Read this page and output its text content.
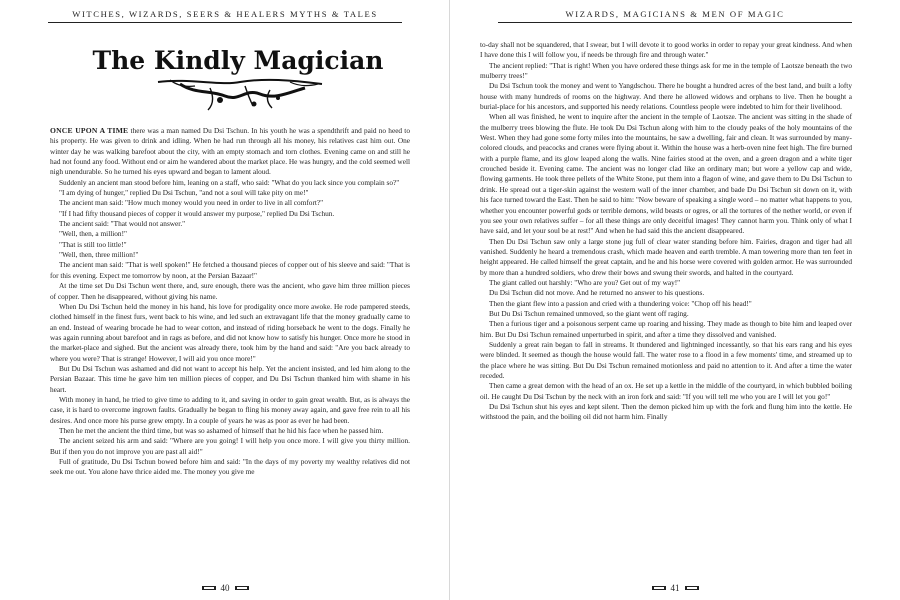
WITCHES, WIZARDS, SEERS & HEALERS MYTHS & TALES
The Kindly Magician

ONCE UPON A TIME there was a man named Du Dsi Tschun. In his youth he was a spendthrift and paid no heed to his property. He was given to drink and idling. When he had run through all his money, his relatives cast him out. One winter day he was walking barefoot about the city, with an empty stomach and torn clothes. Evening came on and still he had not found any food. Without end or aim he wandered about the market place. He was hungry, and the cold seemed well nigh unendurable. So he turned his eyes upward and began to lament aloud.

Suddenly an ancient man stood before him, leaning on a staff, who said: "What do you lack since you complain so?"

"I am dying of hunger," replied Du Dsi Tschun, "and not a soul will take pity on me!"

The ancient man said: "How much money would you need in order to live in all comfort?"

"If I had fifty thousand pieces of copper it would answer my purpose," replied Du Dsi Tschun.

The ancient said: "That would not answer."

"Well, then, a million!"

"That is still too little!"

"Well, then, three million!"

The ancient man said: "That is well spoken!" He fetched a thousand pieces of copper out of his sleeve and said: "That is for this evening. Expect me tomorrow by noon, at the Persian Bazaar!"

At the time set Du Dsi Tschun went there, and, sure enough, there was the ancient, who gave him three million pieces of copper. Then he disappeared, without giving his name.

When Du Dsi Tschun held the money in his hand, his love for prodigality once more awoke. He rode pampered steeds, clothed himself in the finest furs, went back to his wine, and led such an extravagant life that the money gradually came to an end. Instead of wearing brocade he had to wear cotton, and instead of riding horseback he went to the dogs. Finally he was again running about barefoot and in rags as before, and did not know how to satisfy his hunger. Once more he stood in the market-place and sighed. But the ancient was already there, took him by the hand and said: "Are you back already to where you were? That is strange! However, I will aid you once more!"

But Du Dsi Tschun was ashamed and did not want to accept his help. Yet the ancient insisted, and led him along to the Persian Bazaar. This time he gave him ten million pieces of copper, and Du Dsi Tschun thanked him with shame in his heart.

With money in hand, he tried to give time to adding to it, and saving in order to gain great wealth. But, as is always the case, it is hard to overcome ingrown faults. Gradually he began to fling his money away again, and gave free rein to all his desires. And once more his purse grew empty. In a couple of years he was as poor as ever he had been.

Then he met the ancient the third time, but was so ashamed of himself that he hid his face when he passed him.

The ancient seized his arm and said: "Where are you going! I will help you once more. I will give you thirty million. But if then you do not improve you are past all aid!"

Full of gratitude, Du Dsi Tschun bowed before him and said: "In the days of my poverty my wealthy relatives did not seek me out. You alone have thrice aided me. The money you give me

40
WIZARDS, MAGICIANS & MEN OF MAGIC

to-day shall not be squandered, that I swear, but I will devote it to good works in order to repay your great kindness. And when I have done this I will follow you, if needs be through fire and through water."

The ancient replied: "That is right! When you have ordered these things ask for me in the temple of Laotsze beneath the two mulberry trees!"

Du Dsi Tschun took the money and went to Yangdschou. There he bought a hundred acres of the best land, and built a lofty house with many hundreds of rooms on the highway. And there he allowed widows and orphans to live. Then he bought a burial-place for his ancestors, and supported his needy relations. Countless people were indebted to him for their livelihood.

When all was finished, he went to inquire after the ancient in the temple of Laotsze. The ancient was sitting in the shade of the mulberry trees blowing the flute. He took Du Dsi Tschun along with him to the cloudy peaks of the holy mountains of the West. When they had gone some forty miles into the mountains, he saw a dwelling, fair and clean. It was surrounded by many-colored clouds, and peacocks and cranes were flying about it. Within the house was a herb-oven nine feet high. The fire burned with a purple flame, and its glow leaped along the walls. Nine fairies stood at the oven, and a green dragon and a white tiger crouched beside it. Evening came. The ancient was no longer clad like an ordinary man; but wore a yellow cap and wide, flowing garments. He took three pellets of the White Stone, put them into a flagon of wine, and gave them to Du Dsi Tschun to drink. He spread out a tiger-skin against the western wall of the inner chamber, and bade Du Dsi Tschun sit down on it, with his face turned toward the East. Then he said to him: "Now beware of speaking a single word – no matter what happens to you, whether you encounter powerful gods or terrible demons, wild beasts or ogres, or all the tortures of the nether world, or even if you see your own relatives suffer – for all these things are only deceitful images! They cannot harm you. Think only of what I have said, and let your soul be at rest!" And when he had said this the ancient disappeared.

Then Du Dsi Tschun saw only a large stone jug full of clear water standing before him. Fairies, dragon and tiger had all vanished. Suddenly he heard a tremendous crash, which made heaven and earth tremble. A man towering more than ten feet in height appeared. He called himself the great captain, and he and his horse were covered with golden armor. He was surrounded by more than a hundred soldiers, who drew their bows and swung their swords, and halted in the courtyard.

The giant called out harshly: "Who are you? Get out of my way!"

Du Dsi Tschun did not move. And he returned no answer to his questions.

Then the giant flew into a passion and cried with a thundering voice: "Chop off his head!"

But Du Dsi Tschun remained unmoved, so the giant went off raging.

Then a furious tiger and a poisonous serpent came up roaring and hissing. They made as though to bite him and leaped over him. But Du Dsi Tschun remained unperturbed in spirit, and after a time they dissolved and vanished.

Suddenly a great rain began to fall in streams. It thundered and lightninged incessantly, so that his ears rang and his eyes were blinded. It seemed as though the house would fall. The water rose to a flood in a few moments' time, and streamed up to the place where he was sitting. But Du Dsi Tschun remained motionless and paid no attention to it. And after a time the water receded.

Then came a great demon with the head of an ox. He set up a kettle in the middle of the courtyard, in which bubbled boiling oil. He caught Du Dsi Tschun by the neck with an iron fork and said: "If you will tell me who you are I will let you go!"

Du Dsi Tschun shut his eyes and kept silent. Then the demon picked him up with the fork and flung him into the kettle. He withstood the pain, and the boiling oil did not harm him. Finally

41
